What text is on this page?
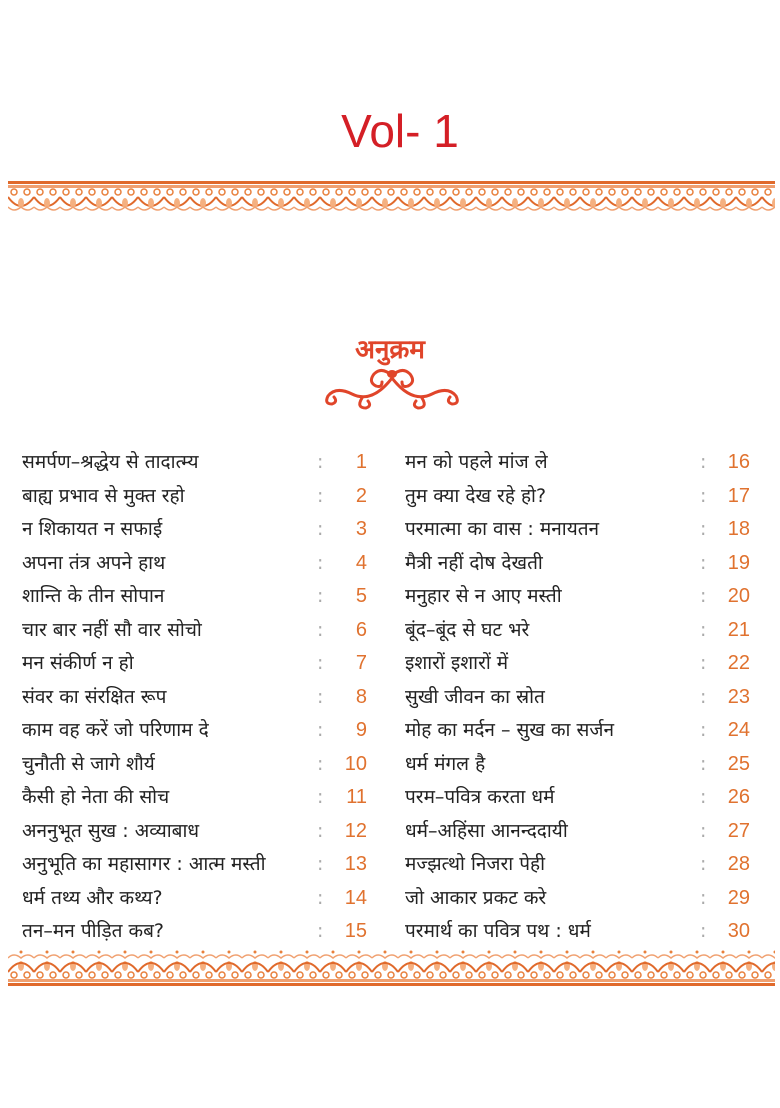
Vol- 1
अनुक्रम
समर्पण–श्रद्धेय से तादात्म्य	:	1
बाह्य प्रभाव से मुक्त रहो	:	2
न शिकायत न सफाई	:	3
अपना तंत्र अपने हाथ	:	4
शान्ति के तीन सोपान	:	5
चार बार नहीं सौ वार सोचो	:	6
मन संकीर्ण न हो	:	7
संवर का संरक्षित रूप	:	8
काम वह करें जो परिणाम दे	:	9
चुनौती से जागे शौर्य	:	10
कैसी हो नेता की सोच	:	11
अननुभूत सुख : अव्याबाध	:	12
अनुभूति का महासागर : आत्म मस्ती	:	13
धर्म तथ्य और कथ्य?	:	14
तन–मन पीड़ित कब?	:	15
मन को पहले मांज ले	:	16
तुम क्या देख रहे हो?	:	17
परमात्मा का वास : मनायतन	:	18
मैत्री नहीं दोष देखती	:	19
मनुहार से न आए मस्ती	:	20
बूंद–बूंद से घट भरे	:	21
इशारों इशारों में	:	22
सुखी जीवन का स्रोत	:	23
मोह का मर्दन – सुख का सर्जन	:	24
धर्म मंगल है	:	25
परम–पवित्र करता धर्म	:	26
धर्म–अहिंसा आनन्ददायी	:	27
मज्झत्थो निजरा पेही	:	28
जो आकार प्रकट करे	:	29
परमार्थ का पवित्र पथ : धर्म	:	30
